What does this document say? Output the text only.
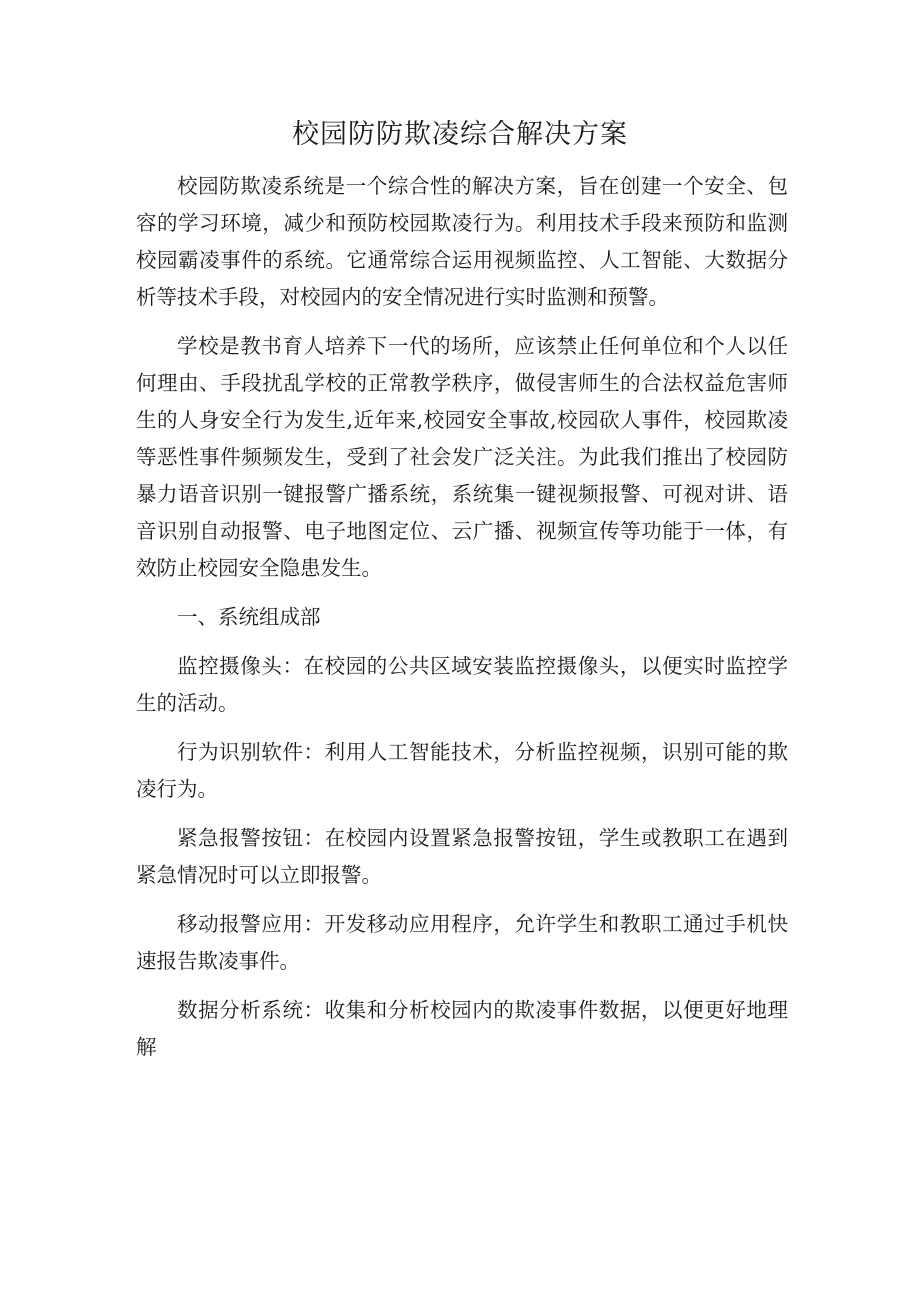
校园防防欺凌综合解决方案

校园防欺凌系统是一个综合性的解决方案，旨在创建一个安全、包容的学习环境，减少和预防校园欺凌行为。利用技术手段来预防和监测校园霸凌事件的系统。它通常综合运用视频监控、人工智能、大数据分析等技术手段，对校园内的安全情况进行实时监测和预警。

学校是教书育人培养下一代的场所，应该禁止任何单位和个人以任何理由、手段扰乱学校的正常教学秩序，做侵害师生的合法权益危害师生的人身安全行为发生,近年来,校园安全事故,校园砍人事件，校园欺凌等恶性事件频频发生，受到了社会发广泛关注。为此我们推出了校园防暴力语音识别一键报警广播系统，系统集一键视频报警、可视对讲、语音识别自动报警、电子地图定位、云广播、视频宣传等功能于一体，有效防止校园安全隐患发生。

一、系统组成部

监控摄像头：在校园的公共区域安装监控摄像头，以便实时监控学生的活动。

行为识别软件：利用人工智能技术，分析监控视频，识别可能的欺凌行为。

紧急报警按钮：在校园内设置紧急报警按钮，学生或教职工在遇到紧急情况时可以立即报警。

移动报警应用：开发移动应用程序，允许学生和教职工通过手机快速报告欺凌事件。

数据分析系统：收集和分析校园内的欺凌事件数据，以便更好地理解
